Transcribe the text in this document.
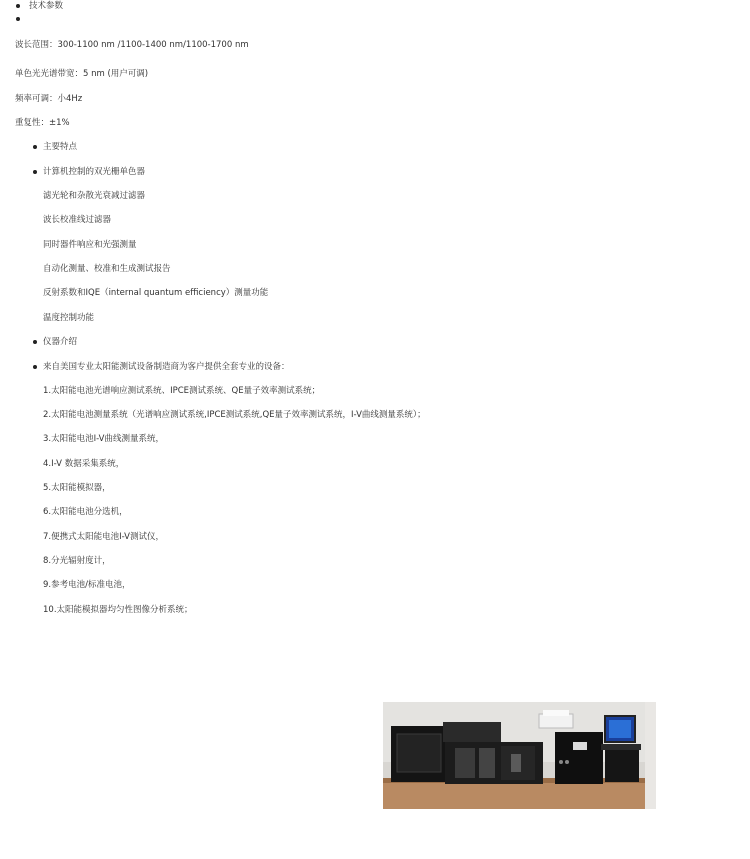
技术参数
波长范围：300-1100 nm /1100-1400 nm/1100-1700 nm
单色光光谱带宽：5 nm (用户可调)
频率可调：小4Hz
重复性：±1%
主要特点
计算机控制的双光栅单色器
滤光轮和杂散光衰减过滤器
波长校准线过滤器
同时器件响应和光强测量
自动化测量、校准和生成测试报告
反射系数和IQE（internal quantum efficiency）测量功能
温度控制功能
仪器介绍
来自美国专业太阳能测试设备制造商为客户提供全套专业的设备：
1.太阳能电池光谱响应测试系统、IPCE测试系统、QE量子效率测试系统；
2.太阳能电池测量系统（光谱响应测试系统,IPCE测试系统,QE量子效率测试系统，I-V曲线测量系统）；
3.太阳能电池I-V曲线测量系统，
4.I-V 数据采集系统，
5.太阳能模拟器，
6.太阳能电池分选机，
7.便携式太阳能电池I-V测试仪，
8.分光辐射度计，
9.参考电池/标准电池，
10.太阳能模拟器均匀性图像分析系统；
